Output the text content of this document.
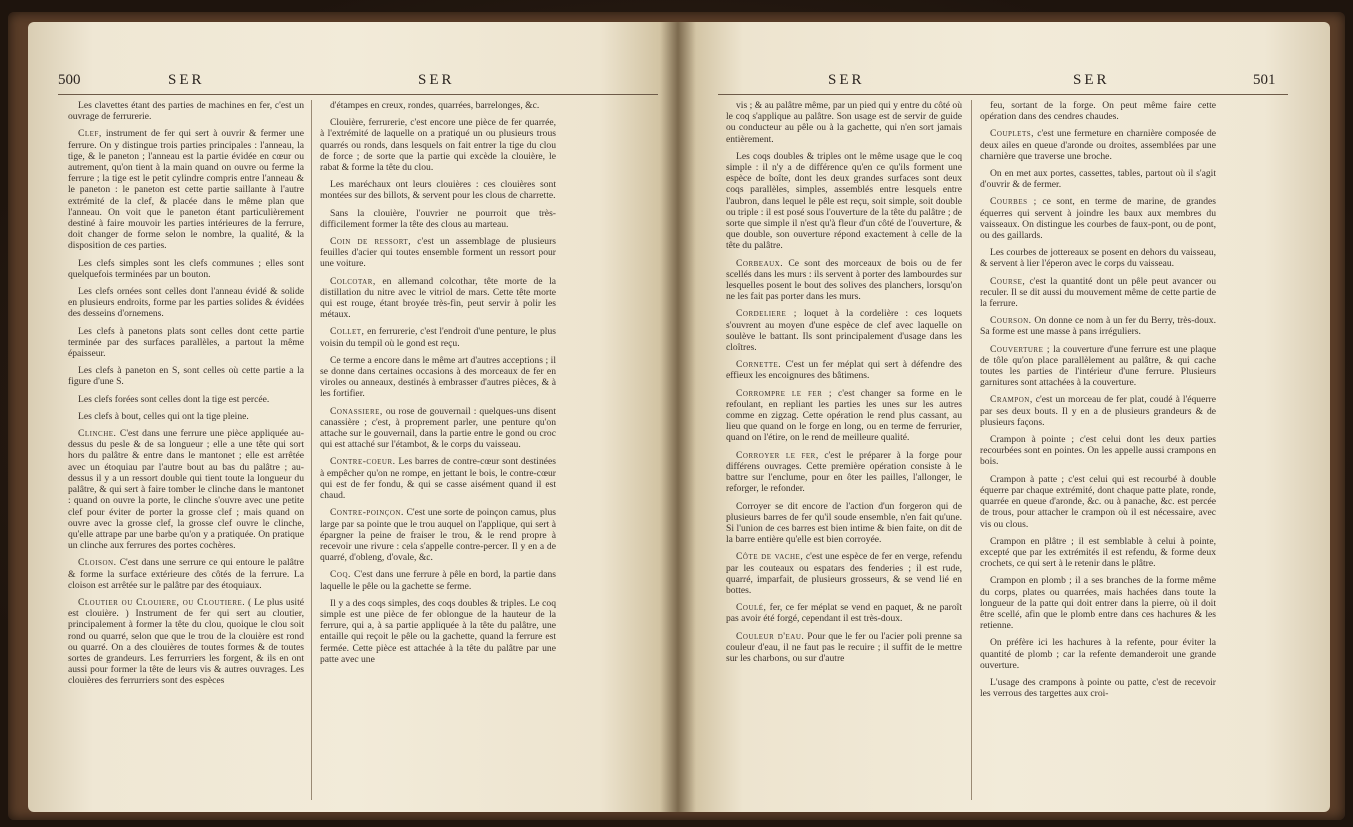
500	SER	SER

Les clavettes étant des parties de machines en fer, c'est un ouvrage de ferrurerie.

Clef, instrument de fer qui sert à ouvrir & fermer une ferrure. On y distingue trois parties principales : l'anneau, la tige, & le paneton ; l'anneau est la partie évidée en cœur ou autrement, qu'on tient à la main quand on ouvre ou ferme la ferrure ; la tige est le petit cylindre compris entre l'anneau & le paneton : le paneton est cette partie saillante à l'autre extrémité de la clef, & placée dans le même plan que l'anneau. On voit que le paneton étant particulièrement destiné à faire mouvoir les parties intérieures de la ferrure, doit changer de forme selon le nombre, la qualité, & la disposition de ces parties.

Les clefs simples sont les clefs communes ; elles sont quelquefois terminées par un bouton.

Les clefs ornées sont celles dont l'anneau évidé & solide en plusieurs endroits, forme par les parties solides & évidées des desseins d'ornemens.

Les clefs à panetons plats sont celles dont cette partie terminée par des surfaces parallèles, a partout la même épaisseur.

Les clefs à paneton en S, sont celles où cette partie a la figure d'une S.

Les clefs forées sont celles dont la tige est percée.

Les clefs à bout, celles qui ont la tige pleine.

Clinche. C'est dans une ferrure une pièce appliquée au-dessus du pesle & de sa longueur ; elle a une tête qui sort hors du palâtre & entre dans le mantonet ; elle est arrêtée avec un étoquiau par l'autre bout au bas du palâtre ; au-dessus il y a un ressort double qui tient toute la longueur du palâtre, & qui sert à faire tomber le clinche dans le mantonet : quand on ouvre la porte, le clinche s'ouvre avec une petite clef pour éviter de porter la grosse clef ; mais quand on ouvre avec la grosse clef, la grosse clef ouvre le clinche, qu'elle attrape par une barbe qu'on y a pratiquée. On pratique un clinche aux ferrures des portes cochères.

Cloison. C'est dans une serrure ce qui entoure le palâtre & forme la surface extérieure des côtés de la ferrure. La cloison est arrêtée sur le palâtre par des étoquiaux.

Cloutier ou Clouiere, ou Cloutiere. ( Le plus usité est clouière. ) Instrument de fer qui sert au cloutier, principalement à former la tête du clou, quoique le clou soit rond ou quarré, selon que que le trou de la clouière est rond ou quarré. On a des clouières de toutes formes & de toutes sortes de grandeurs. Les ferrurriers les forgent, & ils en ont aussi pour former la tête de leurs vis & autres ouvrages. Les clouières des ferrurriers sont des espèces

d'étampes en creux, rondes, quarrées, barrelonges, &c.

Clouière, ferrurerie, c'est encore une pièce de fer quarrée, à l'extrémité de laquelle on a pratiqué un ou plusieurs trous quarrés ou ronds, dans lesquels on fait entrer la tige du clou de force ; de sorte que la partie qui excède la clouière, le rabat & forme la tête du clou.

Les maréchaux ont leurs clouières : ces clouières sont montées sur des billots, & servent pour les clous de charrette.

Sans la clouière, l'ouvrier ne pourroit que très-difficilement former la tête des clous au marteau.

Coin de ressort, c'est un assemblage de plusieurs feuilles d'acier qui toutes ensemble forment un ressort pour une voiture.

Colcotar, en allemand colcothar, tête morte de la distillation du nitre avec le vitriol de mars. Cette tête morte qui est rouge, étant broyée très-fin, peut servir à polir les métaux.

Collet, en ferrurerie, c'est l'endroit d'une penture, le plus voisin du tempil où le gond est reçu.

Ce terme a encore dans le même art d'autres acceptions ; il se donne dans certaines occasions à des morceaux de fer en viroles ou anneaux, destinés à embrasser d'autres pièces, & à les fortifier.

Conassiere, ou rose de gouvernail : quelques-uns disent canassière ; c'est, à proprement parler, une penture qu'on attache sur le gouvernail, dans la partie entre le gond ou croc qui est attaché sur l'étambot, & le corps du vaisseau.

Contre-coeur. Les barres de contre-cœur sont destinées à empêcher qu'on ne rompe, en jettant le bois, le contre-cœur qui est de fer fondu, & qui se casse aisément quand il est chaud.

Contre-poinçon. C'est une sorte de poinçon camus, plus large par sa pointe que le trou auquel on l'applique, qui sert à épargner la peine de fraiser le trou, & le rend propre à recevoir une rivure : cela s'appelle contre-percer. Il y en a de quarré, d'obleng, d'ovale, &c.

Coq. C'est dans une ferrure à pêle en bord, la partie dans laquelle le pêle ou la gachette se ferme.

Il y a des coqs simples, des coqs doubles & triples. Le coq simple est une pièce de fer oblongue de la hauteur de la ferrure, qui a, à sa partie appliquée à la tête du palâtre, une entaille qui reçoit le pêle ou la gachette, quand la ferrure est fermée. Cette pièce est attachée à la tête du palâtre par une patte avec une

SER	SER	501

vis ; & au palâtre même, par un pied qui y entre du côté où le coq s'applique au palâtre. Son usage est de servir de guide ou conducteur au pêle ou à la gachette, qui n'en sort jamais entièrement.

Les coqs doubles & triples ont le même usage que le coq simple : il n'y a de différence qu'en ce qu'ils forment une espèce de boîte, dont les deux grandes surfaces sont deux coqs parallèles, simples, assemblés entre lesquels entre l'aubron, dans lequel le pêle est reçu, soit simple, soit double ou triple : il est posé sous l'ouverture de la tête du palâtre ; de sorte que simple il n'est qu'à fleur d'un côté de l'ouverture, & que double, son ouverture répond exactement à celle de la tête du palâtre.

Corbeaux. Ce sont des morceaux de bois ou de fer scellés dans les murs : ils servent à porter des lambourdes sur lesquelles posent le bout des solives des planchers, lorsqu'on ne les fait pas porter dans les murs.

Cordeliere ; loquet à la cordelière : ces loquets s'ouvrent au moyen d'une espèce de clef avec laquelle on soulève le battant. Ils sont principalement d'usage dans les cloîtres.

Cornette. C'est un fer méplat qui sert à défendre des effieux les encoignures des bâtimens.

Corrompre le fer ; c'est changer sa forme en le refoulant, en repliant les parties les unes sur les autres comme en zigzag. Cette opération le rend plus cassant, au lieu que quand on le forge en long, ou en terme de ferrurier, quand on l'étire, on le rend de meilleure qualité.

Corroyer le fer, c'est le préparer à la forge pour différens ouvrages. Cette première opération consiste à le battre sur l'enclume, pour en ôter les pailles, l'allonger, le reforger, le refonder.

Corroyer se dit encore de l'action d'un forgeron qui de plusieurs barres de fer qu'il soude ensemble, n'en fait qu'une. Si l'union de ces barres est bien intime & bien faite, on dit de la barre entière qu'elle est bien corroyée.

Côte de vache, c'est une espèce de fer en verge, refendu par les couteaux ou espatars des fenderies ; il est rude, quarré, imparfait, de plusieurs grosseurs, & se vend lié en bottes.

Coulé, fer, ce fer méplat se vend en paquet, & ne paroît pas avoir été forgé, cependant il est très-doux.

Couleur d'eau. Pour que le fer ou l'acier poli prenne sa couleur d'eau, il ne faut pas le recuire ; il suffit de le mettre sur les charbons, ou sur d'autre

feu, sortant de la forge. On peut même faire cette opération dans des cendres chaudes.

Couplets, c'est une fermeture en charnière composée de deux ailes en queue d'aronde ou droites, assemblées par une charnière que traverse une broche.

On en met aux portes, cassettes, tables, partout où il s'agit d'ouvrir & de fermer.

Courbes ; ce sont, en terme de marine, de grandes équerres qui servent à joindre les baux aux membres du vaisseaux. On distingue les courbes de faux-pont, ou de pont, ou des gaillards.

Les courbes de jottereaux se posent en dehors du vaisseau, & servent à lier l'éperon avec le corps du vaisseau.

Course, c'est la quantité dont un pêle peut avancer ou reculer. Il se dit aussi du mouvement même de cette partie de la ferrure.

Courson. On donne ce nom à un fer du Berry, très-doux. Sa forme est une masse à pans irréguliers.

Couverture ; la couverture d'une ferrure est une plaque de tôle qu'on place parallèlement au palâtre, & qui cache toutes les parties de l'intérieur d'une ferrure. Plusieurs garnitures sont attachées à la couverture.

Crampon, c'est un morceau de fer plat, coudé à l'équerre par ses deux bouts. Il y en a de plusieurs grandeurs & de plusieurs façons.

Crampon à pointe ; c'est celui dont les deux parties recourbées sont en pointes. On les appelle aussi crampons en bois.

Crampon à patte ; c'est celui qui est recourbé à double équerre par chaque extrémité, dont chaque patte plate, ronde, quarrée en queue d'aronde, &c. ou à panache, &c. est percée de trous, pour attacher le crampon où il est nécessaire, avec vis ou clous.

Crampon en plâtre ; il est semblable à celui à pointe, excepté que par les extrémités il est refendu, & forme deux crochets, ce qui sert à le retenir dans le plâtre.

Crampon en plomb ; il a ses branches de la forme même du corps, plates ou quarrées, mais hachées dans toute la longueur de la patte qui doit entrer dans la pierre, où il doit être scellé, afin que le plomb entre dans ces hachures & les retienne.

On préfère ici les hachures à la refente, pour éviter la quantité de plomb ; car la refente demanderoit une grande ouverture.

L'usage des crampons à pointe ou patte, c'est de recevoir les verrous des targettes aux croi-
